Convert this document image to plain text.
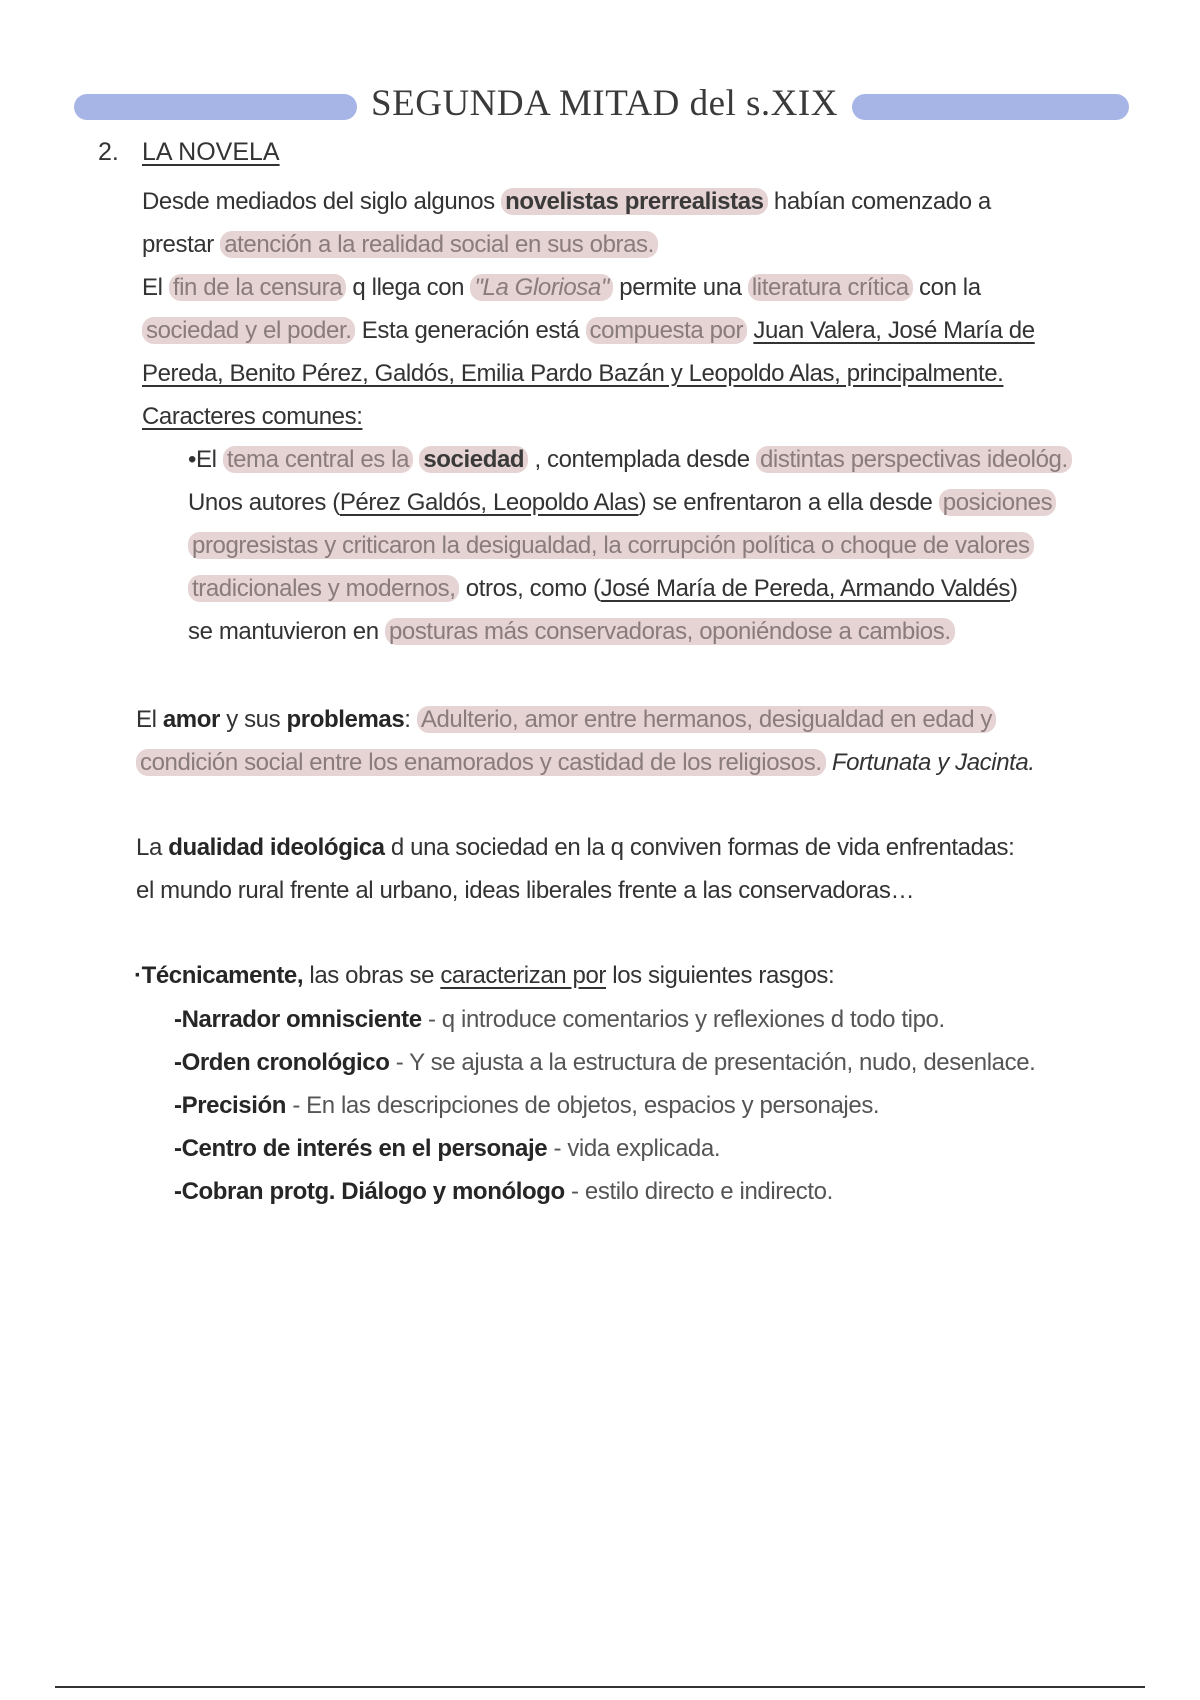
SEGUNDA MITAD del s.XIX
2. LA NOVELA
Desde mediados del siglo algunos novelistas prerrealistas habían comenzado a
prestar atención a la realidad social en sus obras.
El fin de la censura q llega con "La Gloriosa" permite una literatura crítica con la
sociedad y el poder. Esta generación está compuesta por Juan Valera, José María de
Pereda, Benito Pérez, Galdós, Emilia Pardo Bazán y Leopoldo Alas, principalmente.
Caracteres comunes:
•El tema central es la sociedad , contemplada desde distintas perspectivas ideológ.
Unos autores (Pérez Galdós, Leopoldo Alas) se enfrentaron a ella desde posiciones
progresistas y criticaron la desigualdad, la corrupción política o choque de valores
tradicionales y modernos, otros, como (José María de Pereda, Armando Valdés)
se mantuvieron en posturas más conservadoras, oponiéndose a cambios.
El amor y sus problemas: Adulterio, amor entre hermanos, desigualdad en edad y
condición social entre los enamorados y castidad de los religiosos. Fortunata y Jacinta.
La dualidad ideológica d una sociedad en la q conviven formas de vida enfrentadas:
el mundo rural frente al urbano, ideas liberales frente a las conservadoras…
·Técnicamente, las obras se caracterizan por los siguientes rasgos:
-Narrador omnisciente - q introduce comentarios y reflexiones d todo tipo.
-Orden cronológico - Y se ajusta a la estructura de presentación, nudo, desenlace.
-Precisión - En las descripciones de objetos, espacios y personajes.
-Centro de interés en el personaje - vida explicada.
-Cobran protg. Diálogo y monólogo - estilo directo e indirecto.
